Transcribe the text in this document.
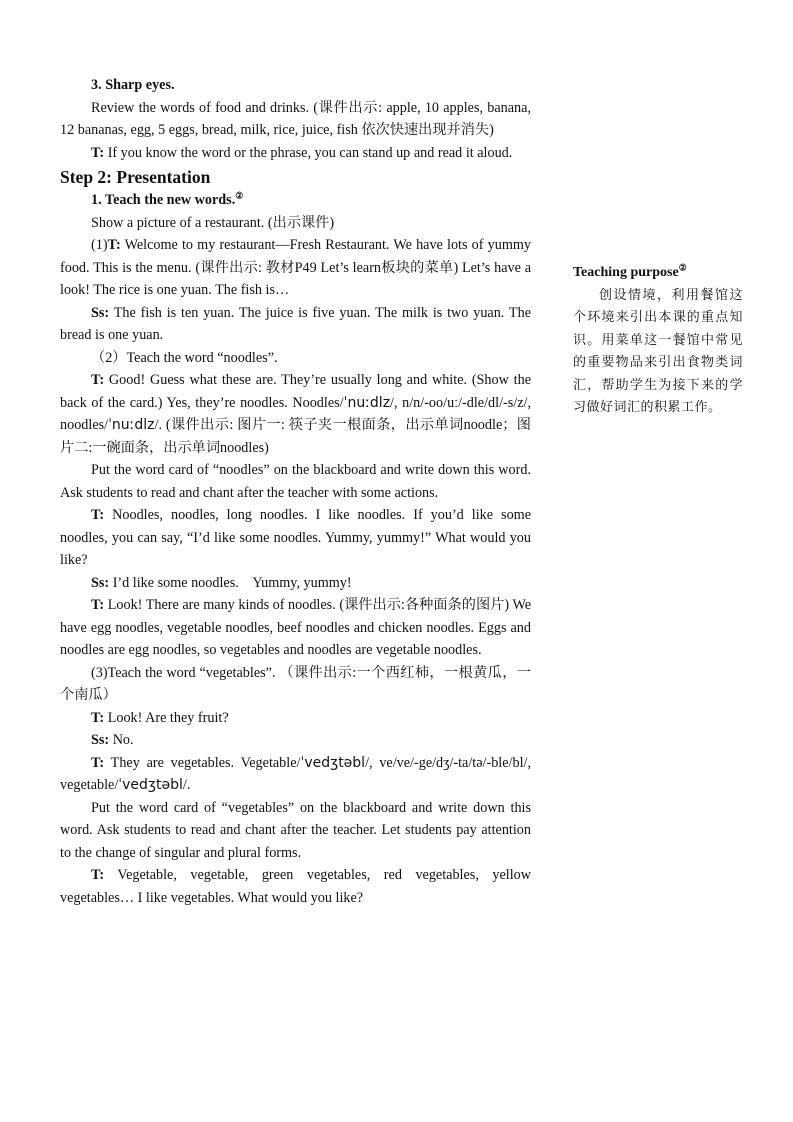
3. Sharp eyes.

Review the words of food and drinks. (课件出示: apple, 10 apples, banana, 12 bananas, egg, 5 eggs, bread, milk, rice, juice, fish 依次快速出现并消失)

T: If you know the word or the phrase, you can stand up and read it aloud.

Step 2: Presentation

1. Teach the new words.②

Show a picture of a restaurant. (出示课件)

(1)T: Welcome to my restaurant—Fresh Restaurant. We have lots of yummy food. This is the menu. (课件出示: 教材P49 Let’s learn板块的菜单) Let’s have a look! The rice is one yuan. The fish is…

Ss: The fish is ten yuan. The juice is five yuan. The milk is two yuan. The bread is one yuan.

（2）Teach the word “noodles”.

T: Good! Guess what these are. They’re usually long and white. (Show the back of the card.) Yes, they’re noodles. Noodles/ˈnuːdlz/, n/n/-oo/uː/-dle/dl/-s/z/, noodles/ˈnuːdlz/. (课件出示: 图片一: 筷子夹一根面条，出示单词noodle；图片二:一碗面条，出示单词noodles)

Put the word card of “noodles” on the blackboard and write down this word. Ask students to read and chant after the teacher with some actions.

T: Noodles, noodles, long noodles. I like noodles. If you’d like some noodles, you can say, “I’d like some noodles. Yummy, yummy!” What would you like?

Ss: I’d like some noodles.    Yummy, yummy!

T: Look! There are many kinds of noodles. (课件出示:各种面条的图片) We have egg noodles, vegetable noodles, beef noodles and chicken noodles. Eggs and noodles are egg noodles, so vegetables and noodles are vegetable noodles.

(3)Teach the word “vegetables”. （课件出示:一个西红柿，一根黄瓜，一个南瓜）

T: Look! Are they fruit?

Ss: No.

T: They are vegetables. Vegetable/ˈvedʒtəbl/, ve/ve/-ge/dʒ/-ta/tə/-ble/bl/, vegetable/ˈvedʒtəbl/.

Put the word card of “vegetables” on the blackboard and write down this word. Ask students to read and chant after the teacher. Let students pay attention to the change of singular and plural forms.

T: Vegetable, vegetable, green vegetables, red vegetables, yellow vegetables… I like vegetables. What would you like?

Teaching purpose②

创设情境，利用餐馆这个环境来引出本课的重点知识。用菜单这一餐馆中常见的重要物品来引出食物类词汇，帮助学生为接下来的学习做好词汇的积累工作。
